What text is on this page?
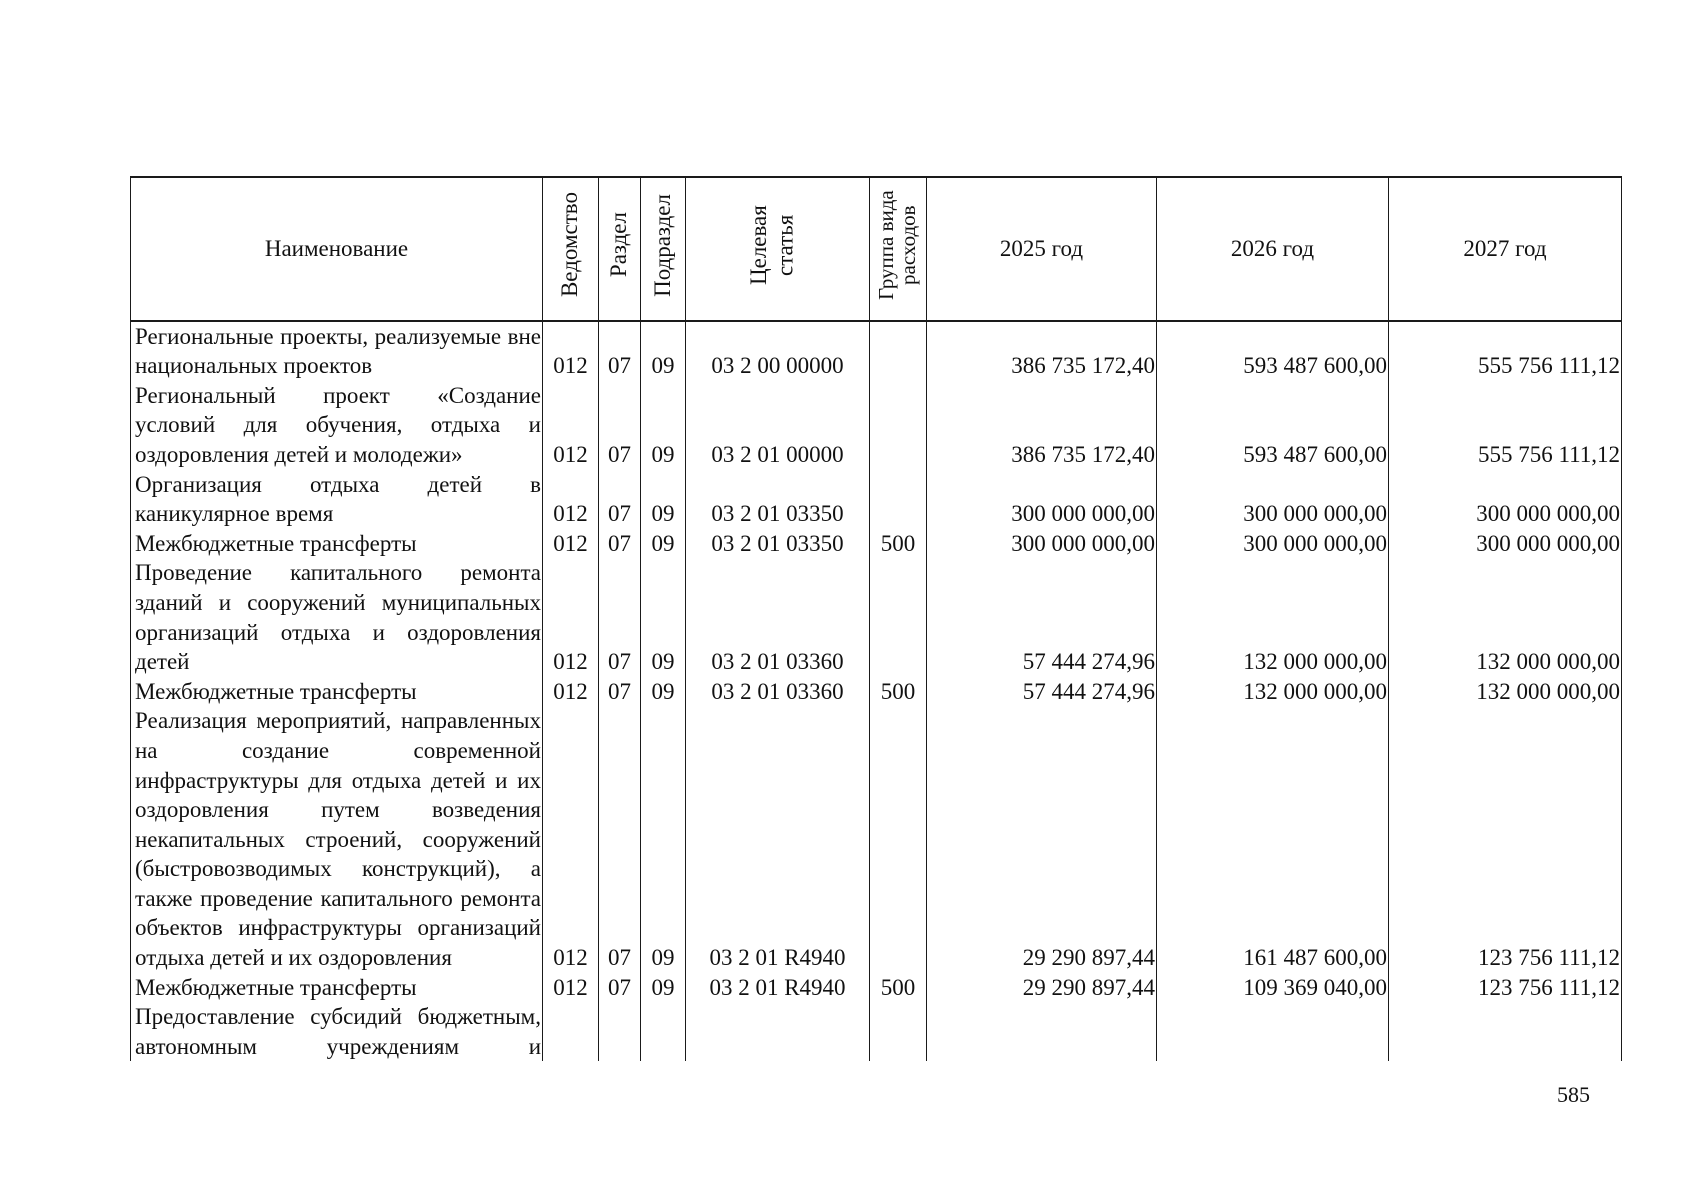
Наименование	Ведомство	Раздел	Подраздел	Целевая статья	Группа вида расходов	2025 год	2026 год	2027 год
Региональные проекты, реализуемые вне национальных проектов	012	07	09	03 2 00 00000		386 735 172,40	593 487 600,00	555 756 111,12
Региональный проект «Создание условий для обучения, отдыха и оздоровления детей и молодежи»	012	07	09	03 2 01 00000		386 735 172,40	593 487 600,00	555 756 111,12
Организация отдыха детей в каникулярное время	012	07	09	03 2 01 03350		300 000 000,00	300 000 000,00	300 000 000,00
Межбюджетные трансферты	012	07	09	03 2 01 03350	500	300 000 000,00	300 000 000,00	300 000 000,00
Проведение капитального ремонта зданий и сооружений муниципальных организаций отдыха и оздоровления детей	012	07	09	03 2 01 03360		57 444 274,96	132 000 000,00	132 000 000,00
Межбюджетные трансферты	012	07	09	03 2 01 03360	500	57 444 274,96	132 000 000,00	132 000 000,00
Реализация мероприятий, направленных на создание современной инфраструктуры для отдыха детей и их оздоровления путем возведения некапитальных строений, сооружений (быстровозводимых конструкций), а также проведение капитального ремонта объектов инфраструктуры организаций отдыха детей и их оздоровления	012	07	09	03 2 01 R4940		29 290 897,44	161 487 600,00	123 756 111,12
Межбюджетные трансферты	012	07	09	03 2 01 R4940	500	29 290 897,44	109 369 040,00	123 756 111,12
Предоставление субсидий бюджетным, автономным учреждениям и								
585
